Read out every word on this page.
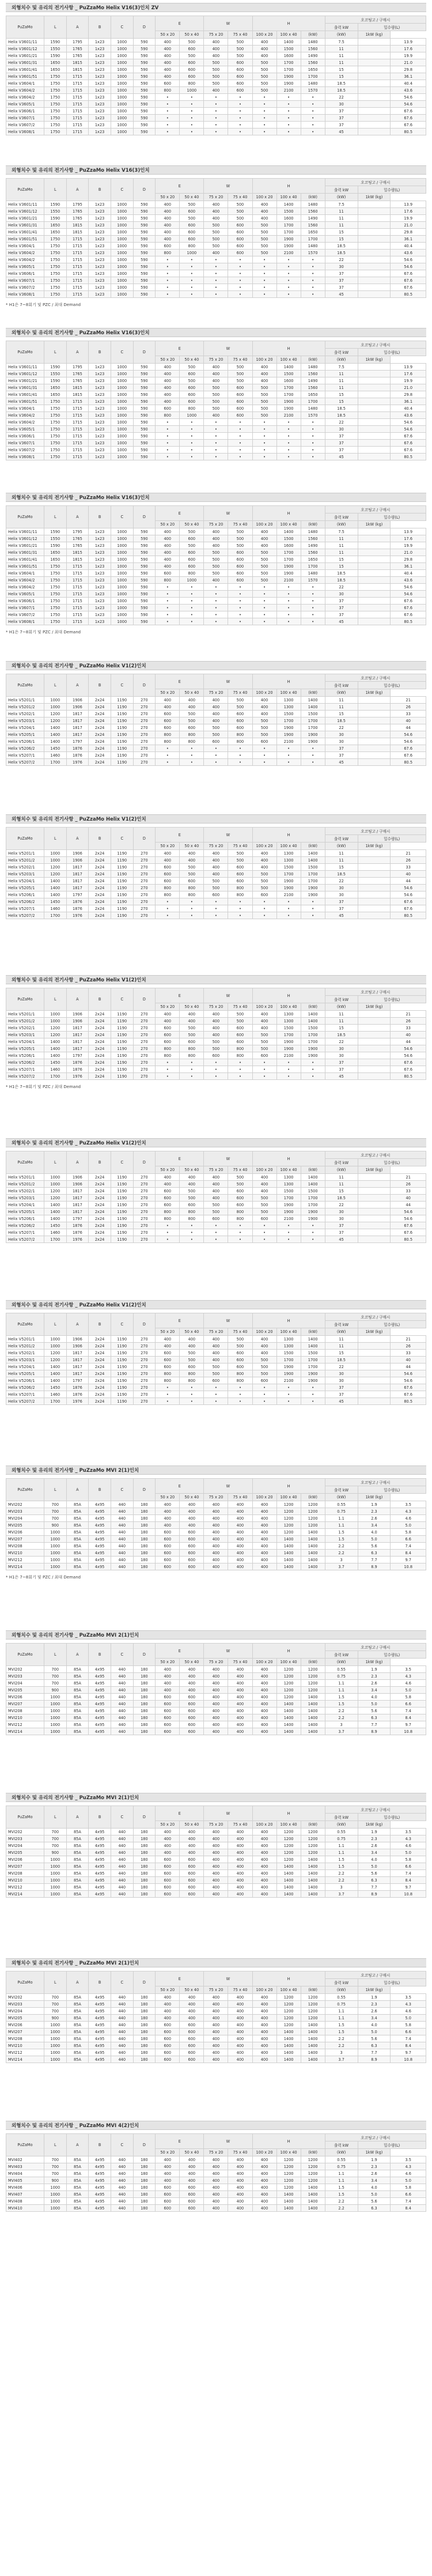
외형치수 및 유리의 전기사항 _ PuZzaMo Helix V16(3)인치 ZV
PuZaMo	L	A	B	C	D	E		W		H			오코팅고 / 구매시		
													출력 kW	밀수량(L)	
						50 x 20	50 x 40	75 x 20	75 x 40	100 x 20	100 x 40	(kW)	(kW)	1kW (kg)	
Helix V3601/11	1590	1795	1x23	1000	590	400	500	400	500	400	1400	1480	7.5		13.9
Helix V3601/12	1550	1765	1x23	1000	590	400	600	400	500	400	1500	1560	11		17.6
Helix V3601/21	1590	1765	1x23	1000	590	400	500	400	500	400	1600	1490	11		19.9
Helix V3601/31	1650	1815	1x23	1000	590	400	600	500	600	500	1700	1560	11		21.0
Helix V3601/41	1650	1815	1x23	1000	590	400	600	500	600	500	1700	1650	15		29.8
Helix V3601/51	1750	1715	1x23	1000	590	400	600	500	600	500	1900	1700	15		36.1
Helix V3604/1	1750	1715	1x23	1000	590	600	800	500	600	500	1900	1480	18.5		40.4
Helix V3604/2	1750	1715	1x23	1000	590	800	1000	400	600	500	2100	1570	18.5		43.6
Helix V3604/2	1750	1715	1x23	1000	590	•	•	•	•	•	•	•	22		54.6
Helix V3605/1	1750	1715	1x23	1000	590	•	•	•	•	•	•	•	30		54.6
Helix V3606/1	1750	1715	1x23	1000	590	•	•	•	•	•	•	•	37		67.6
Helix V3607/1	1750	1715	1x23	1000	590	•	•	•	•	•	•	•	37		67.6
Helix V3607/2	1750	1715	1x23	1000	590	•	•	•	•	•	•	•	37		67.6
Helix V3608/1	1750	1715	1x23	1000	590	•	•	•	•	•	•	•	45		80.5
외형치수 및 유리의 전기사항 _ PuZzaMo Helix V16(3)인치
PuZaMo	L	A	B	C	D	E		W		H			오코팅고 / 구매시		
													출력 kW	밀수량(L)	
						50 x 20	50 x 40	75 x 20	75 x 40	100 x 20	100 x 40	(kW)	(kW)	1kW (kg)	
Helix V3601/11	1590	1795	1x23	1000	590	400	500	400	500	400	1400	1480	7.5		13.9
Helix V3601/12	1550	1765	1x23	1000	590	400	600	400	500	400	1500	1560	11		17.6
Helix V3601/21	1590	1765	1x23	1000	590	400	500	400	500	400	1600	1490	11		19.9
Helix V3601/31	1650	1815	1x23	1000	590	400	600	500	600	500	1700	1560	11		21.0
Helix V3601/41	1650	1815	1x23	1000	590	400	600	500	600	500	1700	1650	15		29.8
Helix V3601/51	1750	1715	1x23	1000	590	400	600	500	600	500	1900	1700	15		36.1
Helix V3604/1	1750	1715	1x23	1000	590	600	800	500	600	500	1900	1480	18.5		40.4
Helix V3604/2	1750	1715	1x23	1000	590	800	1000	400	600	500	2100	1570	18.5		43.6
Helix V3604/2	1750	1715	1x23	1000	590	•	•	•	•	•	•	•	22		54.6
Helix V3605/1	1750	1715	1x23	1000	590	•	•	•	•	•	•	•	30		54.6
Helix V3606/1	1750	1715	1x23	1000	590	•	•	•	•	•	•	•	37		67.6
Helix V3607/1	1750	1715	1x23	1000	590	•	•	•	•	•	•	•	37		67.6
Helix V3607/2	1750	1715	1x23	1000	590	•	•	•	•	•	•	•	37		67.6
Helix V3608/1	1750	1715	1x23	1000	590	•	•	•	•	•	•	•	45		80.5
* H1은 7~8회기 및 PZC / 최대 Demand
외형치수 및 유리의 전기사항 _ PuZzaMo Helix V16(3)인치
PuZaMo	L	A	B	C	D	E		W		H			오코팅고 / 구매시		
													출력 kW	밀수량(L)	
						50 x 20	50 x 40	75 x 20	75 x 40	100 x 20	100 x 40	(kW)	(kW)	1kW (kg)	
Helix V3601/11	1590	1795	1x23	1000	590	400	500	400	500	400	1400	1480	7.5		13.9
Helix V3601/12	1550	1765	1x23	1000	590	400	600	400	500	400	1500	1560	11		17.6
Helix V3601/21	1590	1765	1x23	1000	590	400	500	400	500	400	1600	1490	11		19.9
Helix V3601/31	1650	1815	1x23	1000	590	400	600	500	600	500	1700	1560	11		21.0
Helix V3601/41	1650	1815	1x23	1000	590	400	600	500	600	500	1700	1650	15		29.8
Helix V3601/51	1750	1715	1x23	1000	590	400	600	500	600	500	1900	1700	15		36.1
Helix V3604/1	1750	1715	1x23	1000	590	600	800	500	600	500	1900	1480	18.5		40.4
Helix V3604/2	1750	1715	1x23	1000	590	800	1000	400	600	500	2100	1570	18.5		43.6
Helix V3604/2	1750	1715	1x23	1000	590	•	•	•	•	•	•	•	22		54.6
Helix V3605/1	1750	1715	1x23	1000	590	•	•	•	•	•	•	•	30		54.6
Helix V3606/1	1750	1715	1x23	1000	590	•	•	•	•	•	•	•	37		67.6
Helix V3607/1	1750	1715	1x23	1000	590	•	•	•	•	•	•	•	37		67.6
Helix V3607/2	1750	1715	1x23	1000	590	•	•	•	•	•	•	•	37		67.6
Helix V3608/1	1750	1715	1x23	1000	590	•	•	•	•	•	•	•	45		80.5
외형치수 및 유리의 전기사항 _ PuZzaMo Helix V16(3)인치
PuZaMo	L	A	B	C	D	E		W		H			오코팅고 / 구매시		
													출력 kW	밀수량(L)	
						50 x 20	50 x 40	75 x 20	75 x 40	100 x 20	100 x 40	(kW)	(kW)	1kW (kg)	
Helix V3601/11	1590	1795	1x23	1000	590	400	500	400	500	400	1400	1480	7.5		13.9
Helix V3601/12	1550	1765	1x23	1000	590	400	600	400	500	400	1500	1560	11		17.6
Helix V3601/21	1590	1765	1x23	1000	590	400	500	400	500	400	1600	1490	11		19.9
Helix V3601/31	1650	1815	1x23	1000	590	400	600	500	600	500	1700	1560	11		21.0
Helix V3601/41	1650	1815	1x23	1000	590	400	600	500	600	500	1700	1650	15		29.8
Helix V3601/51	1750	1715	1x23	1000	590	400	600	500	600	500	1900	1700	15		36.1
Helix V3604/1	1750	1715	1x23	1000	590	600	800	500	600	500	1900	1480	18.5		40.4
Helix V3604/2	1750	1715	1x23	1000	590	800	1000	400	600	500	2100	1570	18.5		43.6
Helix V3604/2	1750	1715	1x23	1000	590	•	•	•	•	•	•	•	22		54.6
Helix V3605/1	1750	1715	1x23	1000	590	•	•	•	•	•	•	•	30		54.6
Helix V3606/1	1750	1715	1x23	1000	590	•	•	•	•	•	•	•	37		67.6
Helix V3607/1	1750	1715	1x23	1000	590	•	•	•	•	•	•	•	37		67.6
Helix V3607/2	1750	1715	1x23	1000	590	•	•	•	•	•	•	•	37		67.6
Helix V3608/1	1750	1715	1x23	1000	590	•	•	•	•	•	•	•	45		80.5
* H1은 7~8회기 및 PZC / 최대 Demand
외형치수 및 유리의 전기사항 _ PuZzaMo Helix V1(2)인치
PuZaMo	L	A	B	C	D	E		W		H			오코팅고 / 구매시		
													출력 kW	밀수량(L)	
						50 x 20	50 x 40	75 x 20	75 x 40	100 x 20	100 x 40	(kW)	(kW)	1kW (kg)	
Helix V5201/1	1000	1906	2x24	1190	270	400	400	400	500	400	1300	1400	11		21
Helix V5201/2	1000	1906	2x24	1190	270	400	400	400	500	400	1300	1400	11		26
Helix V5202/1	1200	1817	2x24	1190	270	600	500	400	600	400	1500	1500	15		33
Helix V5203/1	1200	1817	2x24	1190	270	600	500	400	600	500	1700	1700	18.5		40
Helix V5204/1	1400	1817	2x24	1190	270	600	600	500	600	500	1900	1700	22		44
Helix V5205/1	1400	1817	2x24	1190	270	800	800	500	800	500	1900	1900	30		54.6
Helix V5206/1	1400	1797	2x24	1190	270	800	800	600	800	600	2100	1900	30		54.6
Helix V5206/2	1450	1876	2x24	1190	270	•	•	•	•	•	•	•	37		67.6
Helix V5207/1	1460	1876	2x24	1190	270	•	•	•	•	•	•	•	37		67.6
Helix V5207/2	1700	1976	2x24	1190	270	•	•	•	•	•	•	•	45		80.5
외형치수 및 유리의 전기사항 _ PuZzaMo Helix V1(2)인치
PuZaMo	L	A	B	C	D	E		W		H			오코팅고 / 구매시		
													출력 kW	밀수량(L)	
						50 x 20	50 x 40	75 x 20	75 x 40	100 x 20	100 x 40	(kW)	(kW)	1kW (kg)	
Helix V5201/1	1000	1906	2x24	1190	270	400	400	400	500	400	1300	1400	11		21
Helix V5201/2	1000	1906	2x24	1190	270	400	400	400	500	400	1300	1400	11		26
Helix V5202/1	1200	1817	2x24	1190	270	600	500	400	600	400	1500	1500	15		33
Helix V5203/1	1200	1817	2x24	1190	270	600	500	400	600	500	1700	1700	18.5		40
Helix V5204/1	1400	1817	2x24	1190	270	600	600	500	600	500	1900	1700	22		44
Helix V5205/1	1400	1817	2x24	1190	270	800	800	500	800	500	1900	1900	30		54.6
Helix V5206/1	1400	1797	2x24	1190	270	800	800	600	800	600	2100	1900	30		54.6
Helix V5206/2	1450	1876	2x24	1190	270	•	•	•	•	•	•	•	37		67.6
Helix V5207/1	1460	1876	2x24	1190	270	•	•	•	•	•	•	•	37		67.6
Helix V5207/2	1700	1976	2x24	1190	270	•	•	•	•	•	•	•	45		80.5
외형치수 및 유리의 전기사항 _ PuZzaMo Helix V1(2)인치
PuZaMo	L	A	B	C	D	E		W		H			오코팅고 / 구매시		
													출력 kW	밀수량(L)	
						50 x 20	50 x 40	75 x 20	75 x 40	100 x 20	100 x 40	(kW)	(kW)	1kW (kg)	
Helix V5201/1	1000	1906	2x24	1190	270	400	400	400	500	400	1300	1400	11		21
Helix V5201/2	1000	1906	2x24	1190	270	400	400	400	500	400	1300	1400	11		26
Helix V5202/1	1200	1817	2x24	1190	270	600	500	400	600	400	1500	1500	15		33
Helix V5203/1	1200	1817	2x24	1190	270	600	500	400	600	500	1700	1700	18.5		40
Helix V5204/1	1400	1817	2x24	1190	270	600	600	500	600	500	1900	1700	22		44
Helix V5205/1	1400	1817	2x24	1190	270	800	800	500	800	500	1900	1900	30		54.6
Helix V5206/1	1400	1797	2x24	1190	270	800	800	600	800	600	2100	1900	30		54.6
Helix V5206/2	1450	1876	2x24	1190	270	•	•	•	•	•	•	•	37		67.6
Helix V5207/1	1460	1876	2x24	1190	270	•	•	•	•	•	•	•	37		67.6
Helix V5207/2	1700	1976	2x24	1190	270	•	•	•	•	•	•	•	45		80.5
* H1은 7~8회기 및 PZC / 최대 Demand
외형치수 및 유리의 전기사항 _ PuZzaMo Helix V1(2)인치
PuZaMo	L	A	B	C	D	E		W		H			오코팅고 / 구매시		
													출력 kW	밀수량(L)	
						50 x 20	50 x 40	75 x 20	75 x 40	100 x 20	100 x 40	(kW)	(kW)	1kW (kg)	
Helix V5201/1	1000	1906	2x24	1190	270	400	400	400	500	400	1300	1400	11		21
Helix V5201/2	1000	1906	2x24	1190	270	400	400	400	500	400	1300	1400	11		26
Helix V5202/1	1200	1817	2x24	1190	270	600	500	400	600	400	1500	1500	15		33
Helix V5203/1	1200	1817	2x24	1190	270	600	500	400	600	500	1700	1700	18.5		40
Helix V5204/1	1400	1817	2x24	1190	270	600	600	500	600	500	1900	1700	22		44
Helix V5205/1	1400	1817	2x24	1190	270	800	800	500	800	500	1900	1900	30		54.6
Helix V5206/1	1400	1797	2x24	1190	270	800	800	600	800	600	2100	1900	30		54.6
Helix V5206/2	1450	1876	2x24	1190	270	•	•	•	•	•	•	•	37		67.6
Helix V5207/1	1460	1876	2x24	1190	270	•	•	•	•	•	•	•	37		67.6
Helix V5207/2	1700	1976	2x24	1190	270	•	•	•	•	•	•	•	45		80.5
외형치수 및 유리의 전기사항 _ PuZzaMo Helix V1(2)인치
PuZaMo	L	A	B	C	D	E		W		H			오코팅고 / 구매시		
													출력 kW	밀수량(L)	
						50 x 20	50 x 40	75 x 20	75 x 40	100 x 20	100 x 40	(kW)	(kW)	1kW (kg)	
Helix V5201/1	1000	1906	2x24	1190	270	400	400	400	500	400	1300	1400	11		21
Helix V5201/2	1000	1906	2x24	1190	270	400	400	400	500	400	1300	1400	11		26
Helix V5202/1	1200	1817	2x24	1190	270	600	500	400	600	400	1500	1500	15		33
Helix V5203/1	1200	1817	2x24	1190	270	600	500	400	600	500	1700	1700	18.5		40
Helix V5204/1	1400	1817	2x24	1190	270	600	600	500	600	500	1900	1700	22		44
Helix V5205/1	1400	1817	2x24	1190	270	800	800	500	800	500	1900	1900	30		54.6
Helix V5206/1	1400	1797	2x24	1190	270	800	800	600	800	600	2100	1900	30		54.6
Helix V5206/2	1450	1876	2x24	1190	270	•	•	•	•	•	•	•	37		67.6
Helix V5207/1	1460	1876	2x24	1190	270	•	•	•	•	•	•	•	37		67.6
Helix V5207/2	1700	1976	2x24	1190	270	•	•	•	•	•	•	•	45		80.5
외형치수 및 유리의 전기사항 _ PuZzaMo MVI 2(1)인치
PuZaMo	L	A	B	C	D	E		W		H			오코팅고 / 구매시		
													출력 kW	밀수량(L)	
						50 x 20	50 x 40	75 x 20	75 x 40	100 x 20	100 x 40	(kW)	(kW)	1kW (kg)	
MVI202	700	85A	4x95	440	180	400	400	400	400	400	1200	1200	0.55	1.9	3.5
MVI203	700	85A	4x95	440	180	400	400	400	400	400	1200	1200	0.75	2.3	4.3
MVI204	700	85A	4x95	440	180	400	400	400	400	400	1200	1200	1.1	2.6	4.6
MVI205	900	85A	4x95	440	180	400	400	400	400	400	1200	1200	1.1	3.4	5.0
MVI206	1000	85A	4x95	440	180	600	600	400	400	400	1200	1400	1.5	4.0	5.8
MVI207	1000	85A	4x95	440	180	600	600	400	400	400	1400	1400	1.5	5.0	6.6
MVI208	1000	85A	4x95	440	180	600	600	400	400	400	1400	1400	2.2	5.6	7.4
MVI210	1000	85A	4x95	440	180	600	600	400	400	400	1400	1400	2.2	6.3	8.4
MVI212	1000	85A	4x95	440	180	600	600	400	400	400	1400	1400	3	7.7	9.7
MVI214	1000	85A	4x95	440	180	600	600	400	400	400	1400	1400	3.7	8.9	10.8
* H1은 7~8회기 및 PZC / 최대 Demand
외형치수 및 유리의 전기사항 _ PuZzaMo MVI 2(1)인치
PuZaMo	L	A	B	C	D	E		W		H			오코팅고 / 구매시		
													출력 kW	밀수량(L)	
						50 x 20	50 x 40	75 x 20	75 x 40	100 x 20	100 x 40	(kW)	(kW)	1kW (kg)	
MVI202	700	85A	4x95	440	180	400	400	400	400	400	1200	1200	0.55	1.9	3.5
MVI203	700	85A	4x95	440	180	400	400	400	400	400	1200	1200	0.75	2.3	4.3
MVI204	700	85A	4x95	440	180	400	400	400	400	400	1200	1200	1.1	2.6	4.6
MVI205	900	85A	4x95	440	180	400	400	400	400	400	1200	1200	1.1	3.4	5.0
MVI206	1000	85A	4x95	440	180	600	600	400	400	400	1200	1400	1.5	4.0	5.8
MVI207	1000	85A	4x95	440	180	600	600	400	400	400	1400	1400	1.5	5.0	6.6
MVI208	1000	85A	4x95	440	180	600	600	400	400	400	1400	1400	2.2	5.6	7.4
MVI210	1000	85A	4x95	440	180	600	600	400	400	400	1400	1400	2.2	6.3	8.4
MVI212	1000	85A	4x95	440	180	600	600	400	400	400	1400	1400	3	7.7	9.7
MVI214	1000	85A	4x95	440	180	600	600	400	400	400	1400	1400	3.7	8.9	10.8
외형치수 및 유리의 전기사항 _ PuZzaMo MVI 2(1)인치
PuZaMo	L	A	B	C	D	E		W		H			오코팅고 / 구매시		
													출력 kW	밀수량(L)	
						50 x 20	50 x 40	75 x 20	75 x 40	100 x 20	100 x 40	(kW)	(kW)	1kW (kg)	
MVI202	700	85A	4x95	440	180	400	400	400	400	400	1200	1200	0.55	1.9	3.5
MVI203	700	85A	4x95	440	180	400	400	400	400	400	1200	1200	0.75	2.3	4.3
MVI204	700	85A	4x95	440	180	400	400	400	400	400	1200	1200	1.1	2.6	4.6
MVI205	900	85A	4x95	440	180	400	400	400	400	400	1200	1200	1.1	3.4	5.0
MVI206	1000	85A	4x95	440	180	600	600	400	400	400	1200	1400	1.5	4.0	5.8
MVI207	1000	85A	4x95	440	180	600	600	400	400	400	1400	1400	1.5	5.0	6.6
MVI208	1000	85A	4x95	440	180	600	600	400	400	400	1400	1400	2.2	5.6	7.4
MVI210	1000	85A	4x95	440	180	600	600	400	400	400	1400	1400	2.2	6.3	8.4
MVI212	1000	85A	4x95	440	180	600	600	400	400	400	1400	1400	3	7.7	9.7
MVI214	1000	85A	4x95	440	180	600	600	400	400	400	1400	1400	3.7	8.9	10.8
외형치수 및 유리의 전기사항 _ PuZzaMo MVI 2(1)인치
PuZaMo	L	A	B	C	D	E		W		H			오코팅고 / 구매시		
													출력 kW	밀수량(L)	
						50 x 20	50 x 40	75 x 20	75 x 40	100 x 20	100 x 40	(kW)	(kW)	1kW (kg)	
MVI202	700	85A	4x95	440	180	400	400	400	400	400	1200	1200	0.55	1.9	3.5
MVI203	700	85A	4x95	440	180	400	400	400	400	400	1200	1200	0.75	2.3	4.3
MVI204	700	85A	4x95	440	180	400	400	400	400	400	1200	1200	1.1	2.6	4.6
MVI205	900	85A	4x95	440	180	400	400	400	400	400	1200	1200	1.1	3.4	5.0
MVI206	1000	85A	4x95	440	180	600	600	400	400	400	1200	1400	1.5	4.0	5.8
MVI207	1000	85A	4x95	440	180	600	600	400	400	400	1400	1400	1.5	5.0	6.6
MVI208	1000	85A	4x95	440	180	600	600	400	400	400	1400	1400	2.2	5.6	7.4
MVI210	1000	85A	4x95	440	180	600	600	400	400	400	1400	1400	2.2	6.3	8.4
MVI212	1000	85A	4x95	440	180	600	600	400	400	400	1400	1400	3	7.7	9.7
MVI214	1000	85A	4x95	440	180	600	600	400	400	400	1400	1400	3.7	8.9	10.8
외형치수 및 유리의 전기사항 _ PuZzaMo MVI 4(2)인치
PuZaMo	L	A	B	C	D	E		W		H			오코팅고 / 구매시		
													출력 kW	밀수량(L)	
						50 x 20	50 x 40	75 x 20	75 x 40	100 x 20	100 x 40	(kW)	(kW)	1kW (kg)	
MVI402	700	85A	4x95	440	180	400	400	400	400	400	1200	1200	0.55	1.9	3.5
MVI403	700	85A	4x95	440	180	400	400	400	400	400	1200	1200	0.75	2.3	4.3
MVI404	700	85A	4x95	440	180	400	400	400	400	400	1200	1200	1.1	2.6	4.6
MVI405	900	85A	4x95	440	180	400	400	400	400	400	1200	1200	1.1	3.4	5.0
MVI406	1000	85A	4x95	440	180	600	600	400	400	400	1200	1400	1.5	4.0	5.8
MVI407	1000	85A	4x95	440	180	600	600	400	400	400	1400	1400	1.5	5.0	6.6
MVI408	1000	85A	4x95	440	180	600	600	400	400	400	1400	1400	2.2	5.6	7.4
MVI410	1000	85A	4x95	440	180	600	600	400	400	400	1400	1400	2.2	6.3	8.4
